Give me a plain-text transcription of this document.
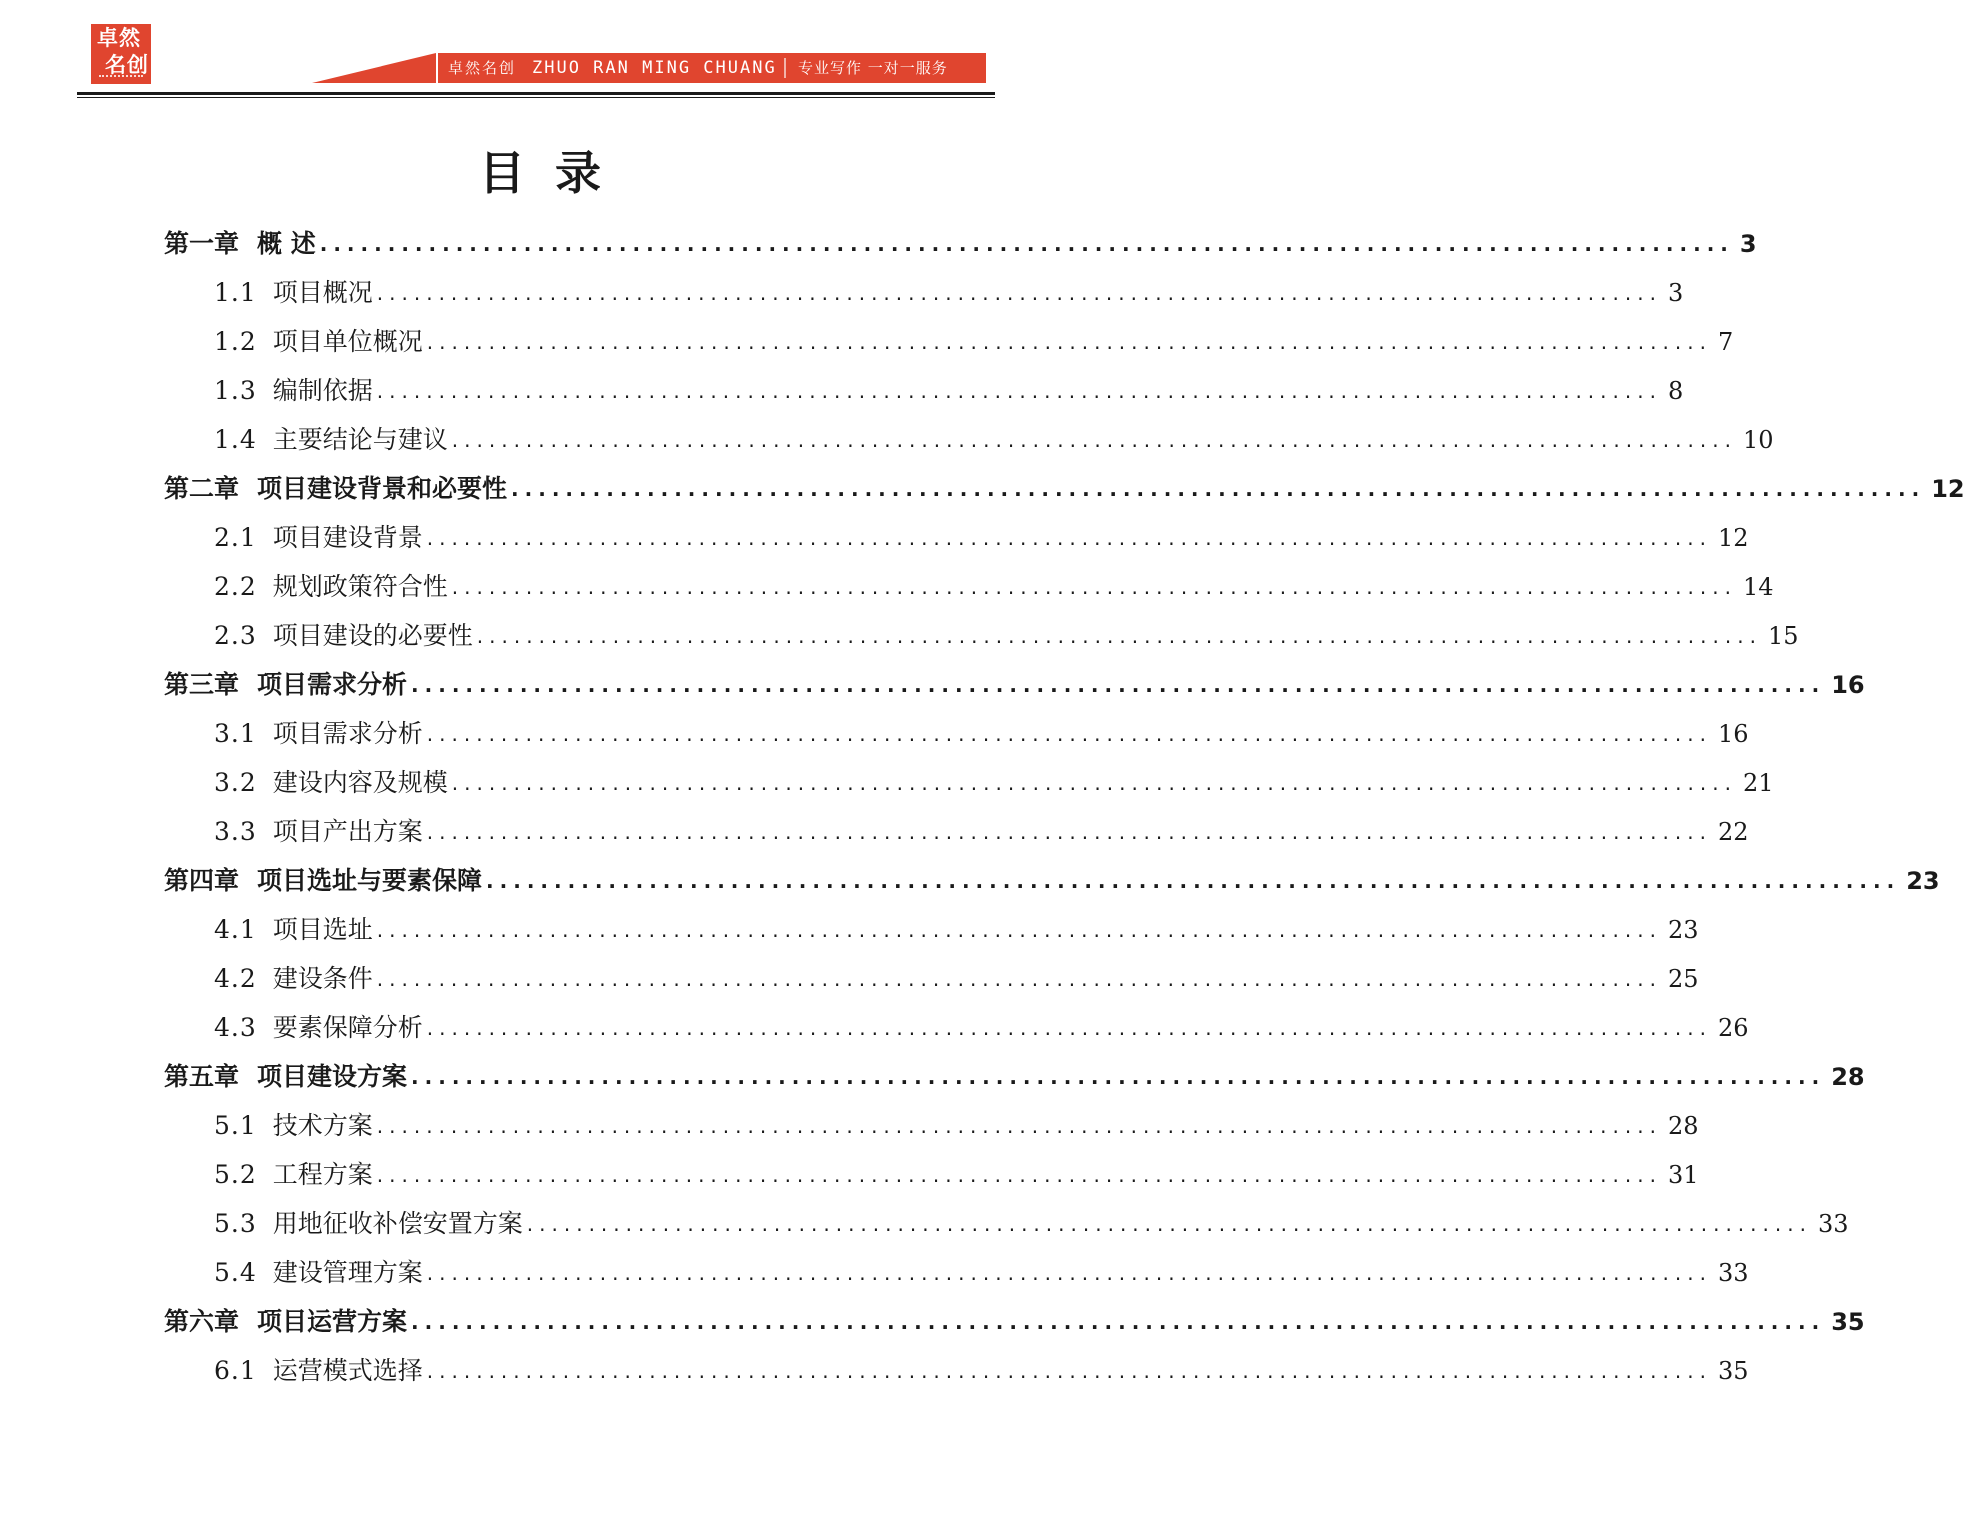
卓然
名创	卓然名创 ZHUO RAN MING CHUANG 专业写作 一对一服务
目录
第一章 概 述 ........................................................................................................ 3
1.1 项目概况 ........................................................................................................ 3
1.2 项目单位概况 ........................................................................................................ 7
1.3 编制依据 ........................................................................................................ 8
1.4 主要结论与建议 ........................................................................................................ 10
第二章 项目建设背景和必要性 ........................................................................................................ 12
2.1 项目建设背景 ........................................................................................................ 12
2.2 规划政策符合性 ........................................................................................................ 14
2.3 项目建设的必要性 ........................................................................................................ 15
第三章 项目需求分析 ........................................................................................................ 16
3.1 项目需求分析 ........................................................................................................ 16
3.2 建设内容及规模 ........................................................................................................ 21
3.3 项目产出方案 ........................................................................................................ 22
第四章 项目选址与要素保障 ........................................................................................................ 23
4.1 项目选址 ........................................................................................................ 23
4.2 建设条件 ........................................................................................................ 25
4.3 要素保障分析 ........................................................................................................ 26
第五章 项目建设方案 ........................................................................................................ 28
5.1 技术方案 ........................................................................................................ 28
5.2 工程方案 ........................................................................................................ 31
5.3 用地征收补偿安置方案 ........................................................................................................ 33
5.4 建设管理方案 ........................................................................................................ 33
第六章 项目运营方案 ........................................................................................................ 35
6.1 运营模式选择 ........................................................................................................ 35
